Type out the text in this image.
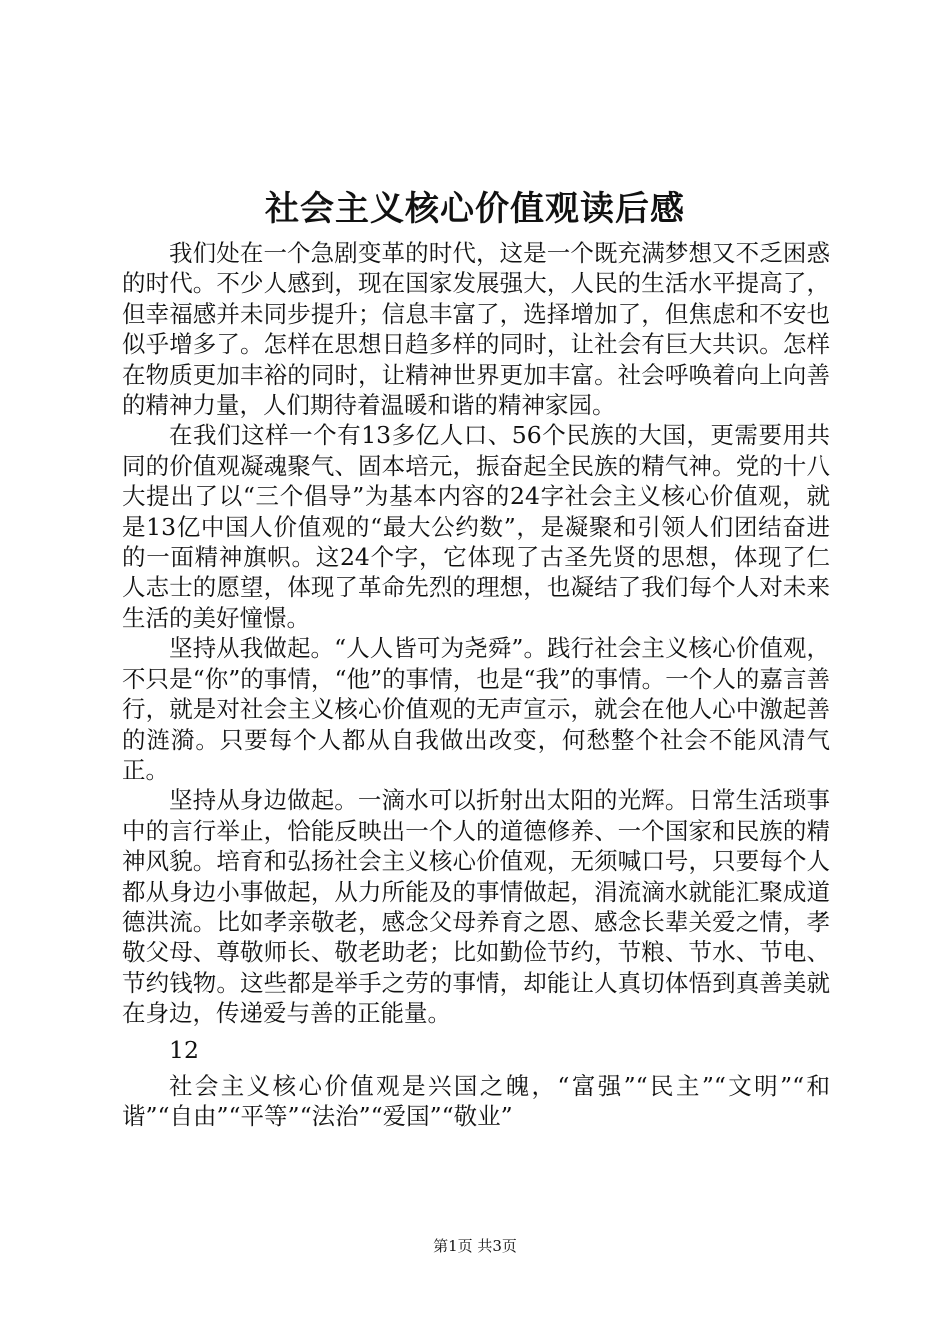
社会主义核心价值观读后感

我们处在一个急剧变革的时代，这是一个既充满梦想又不乏困惑的时代。不少人感到，现在国家发展强大，人民的生活水平提高了，但幸福感并未同步提升；信息丰富了，选择增加了，但焦虑和不安也似乎增多了。怎样在思想日趋多样的同时，让社会有巨大共识。怎样在物质更加丰裕的同时，让精神世界更加丰富。社会呼唤着向上向善的精神力量，人们期待着温暖和谐的精神家园。

在我们这样一个有13多亿人口、56个民族的大国，更需要用共同的价值观凝魂聚气、固本培元，振奋起全民族的精气神。党的十八大提出了以“三个倡导”为基本内容的24字社会主义核心价值观，就是13亿中国人价值观的“最大公约数”，是凝聚和引领人们团结奋进的一面精神旗帜。这24个字，它体现了古圣先贤的思想，体现了仁人志士的愿望，体现了革命先烈的理想，也凝结了我们每个人对未来生活的美好憧憬。

坚持从我做起。“人人皆可为尧舜”。践行社会主义核心价值观，不只是“你”的事情，“他”的事情，也是“我”的事情。一个人的嘉言善行，就是对社会主义核心价值观的无声宣示，就会在他人心中激起善的涟漪。只要每个人都从自我做出改变，何愁整个社会不能风清气正。

坚持从身边做起。一滴水可以折射出太阳的光辉。日常生活琐事中的言行举止，恰能反映出一个人的道德修养、一个国家和民族的精神风貌。培育和弘扬社会主义核心价值观，无须喊口号，只要每个人都从身边小事做起，从力所能及的事情做起，涓流滴水就能汇聚成道德洪流。比如孝亲敬老，感念父母养育之恩、感念长辈关爱之情，孝敬父母、尊敬师长、敬老助老；比如勤俭节约，节粮、节水、节电、节约钱物。这些都是举手之劳的事情，却能让人真切体悟到真善美就在身边，传递爱与善的正能量。

12

社会主义核心价值观是兴国之魄，“富强”“民主”“文明”“和谐”“自由”“平等”“法治”“爱国”“敬业”

第1页 共3页
